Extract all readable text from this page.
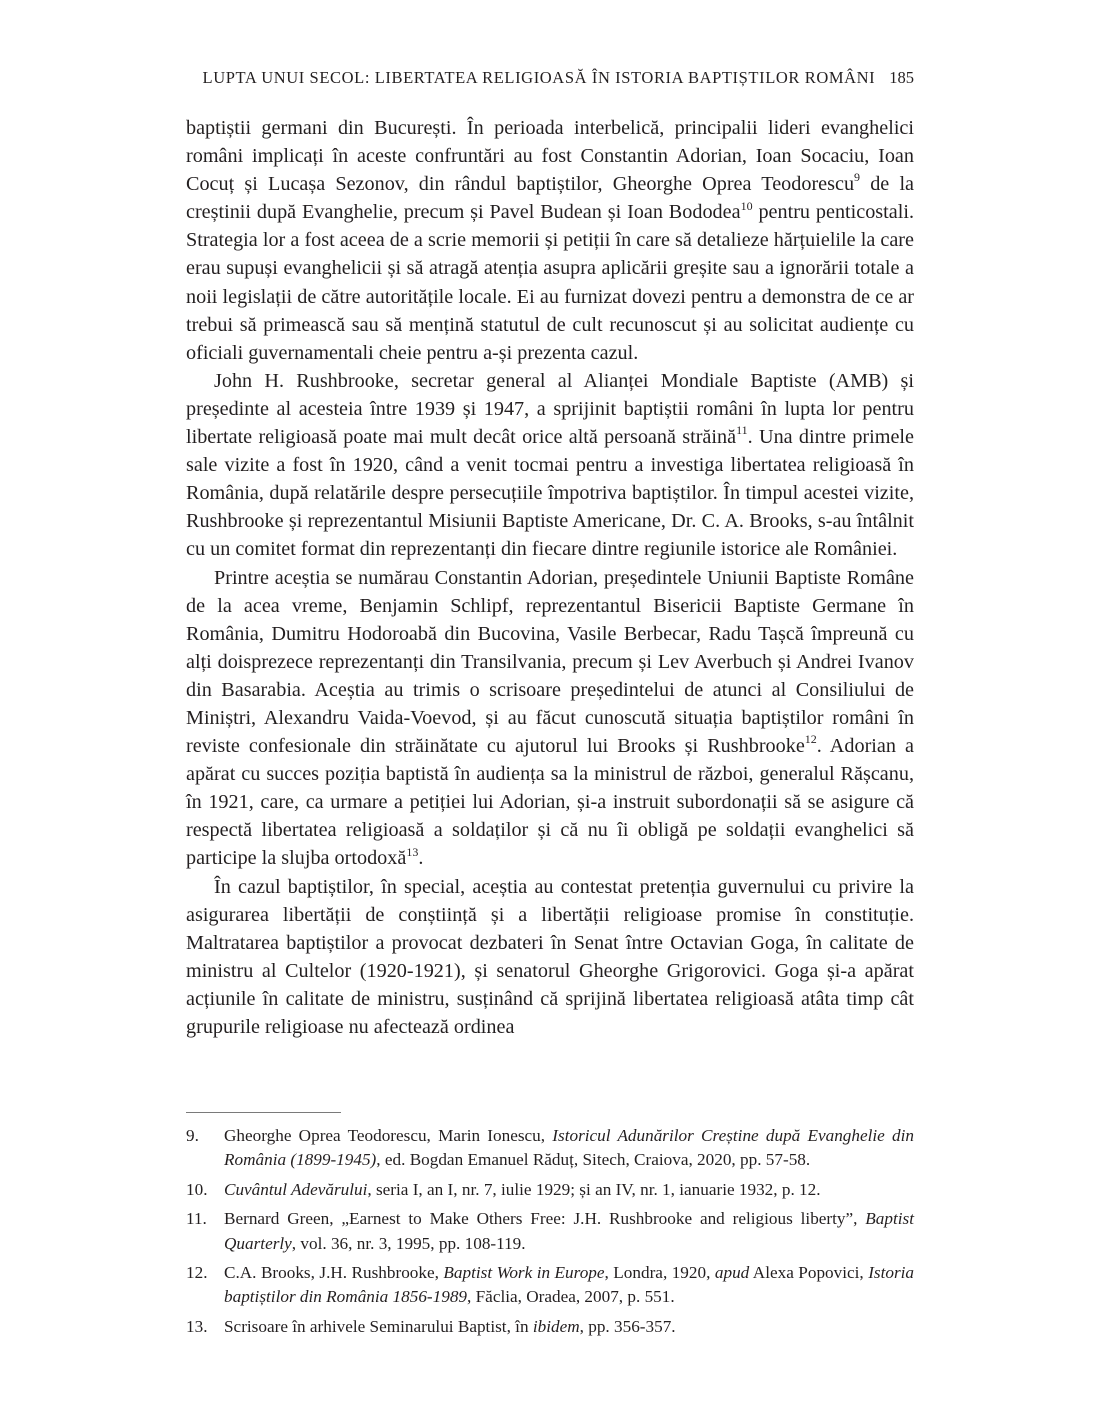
LUPTA UNUI SECOL: LIBERTATEA RELIGIOASĂ ÎN ISTORIA BAPTIȘTILOR ROMÂNI 185

baptiștii germani din București. În perioada interbelică, principalii lideri evanghelici români implicați în aceste confruntări au fost Constantin Adorian, Ioan Socaciu, Ioan Cocuț și Lucașa Sezonov, din rândul baptiștilor, Gheorghe Oprea Teodorescu$^9$ de la creștinii după Evanghelie, precum și Pavel Budean și Ioan Bododea$^{10}$ pentru penticostali. Strategia lor a fost aceea de a scrie memorii și petiții în care să detalieze hărțuielile la care erau supuși evanghelicii și să atragă atenția asupra aplicării greșite sau a ignorării totale a noii legislații de către autoritățile locale. Ei au furnizat dovezi pentru a demonstra de ce ar trebui să primească sau să mențină statutul de cult recunoscut și au solicitat audiențe cu oficiali guvernamentali cheie pentru a-și prezenta cazul.

John H. Rushbrooke, secretar general al Alianței Mondiale Baptiste (AMB) și președinte al acesteia între 1939 și 1947, a sprijinit baptiștii români în lupta lor pentru libertate religioasă poate mai mult decât orice altă persoană străină$^{11}$. Una dintre primele sale vizite a fost în 1920, când a venit tocmai pentru a investiga libertatea religioasă în România, după relatările despre persecuțiile împotriva baptiștilor. În timpul acestei vizite, Rushbrooke și reprezentantul Misiunii Baptiste Americane, Dr. C. A. Brooks, s-au întâlnit cu un comitet format din reprezentanți din fiecare dintre regiunile istorice ale României.

Printre aceștia se numărau Constantin Adorian, președintele Uniunii Baptiste Române de la acea vreme, Benjamin Schlipf, reprezentantul Bisericii Baptiste Germane în România, Dumitru Hodoroabă din Bucovina, Vasile Berbecar, Radu Tașcă împreună cu alți doisprezece reprezentanți din Transilvania, precum și Lev Averbuch și Andrei Ivanov din Basarabia. Aceștia au trimis o scrisoare președintelui de atunci al Consiliului de Miniștri, Alexandru Vaida-Voevod, și au făcut cunoscută situația baptiștilor români în reviste confesionale din străinătate cu ajutorul lui Brooks și Rushbrooke$^{12}$. Adorian a apărat cu succes poziția baptistă în audiența sa la ministrul de război, generalul Rășcanu, în 1921, care, ca urmare a petiției lui Adorian, și-a instruit subordonații să se asigure că respectă libertatea religioasă a soldaților și că nu îi obligă pe soldații evanghelici să participe la slujba ortodoxă$^{13}$.

În cazul baptiștilor, în special, aceștia au contestat pretenția guvernului cu privire la asigurarea libertății de conștiință și a libertății religioase promise în constituție. Maltratarea baptiștilor a provocat dezbateri în Senat între Octavian Goga, în calitate de ministru al Cultelor (1920-1921), și senatorul Gheorghe Grigorovici. Goga și-a apărat acțiunile în calitate de ministru, susținând că sprijină libertatea religioasă atâta timp cât grupurile religioase nu afectează ordinea

9. Gheorghe Oprea Teodorescu, Marin Ionescu, Istoricul Adunărilor Creștine după Evanghelie din România (1899-1945), ed. Bogdan Emanuel Răduț, Sitech, Craiova, 2020, pp. 57-58.
10. Cuvântul Adevărului, seria I, an I, nr. 7, iulie 1929; și an IV, nr. 1, ianuarie 1932, p. 12.
11. Bernard Green, „Earnest to Make Others Free: J.H. Rushbrooke and religious liberty”, Baptist Quarterly, vol. 36, nr. 3, 1995, pp. 108-119.
12. C.A. Brooks, J.H. Rushbrooke, Baptist Work in Europe, Londra, 1920, apud Alexa Popovici, Istoria baptiștilor din România 1856-1989, Făclia, Oradea, 2007, p. 551.
13. Scrisoare în arhivele Seminarului Baptist, în ibidem, pp. 356-357.
